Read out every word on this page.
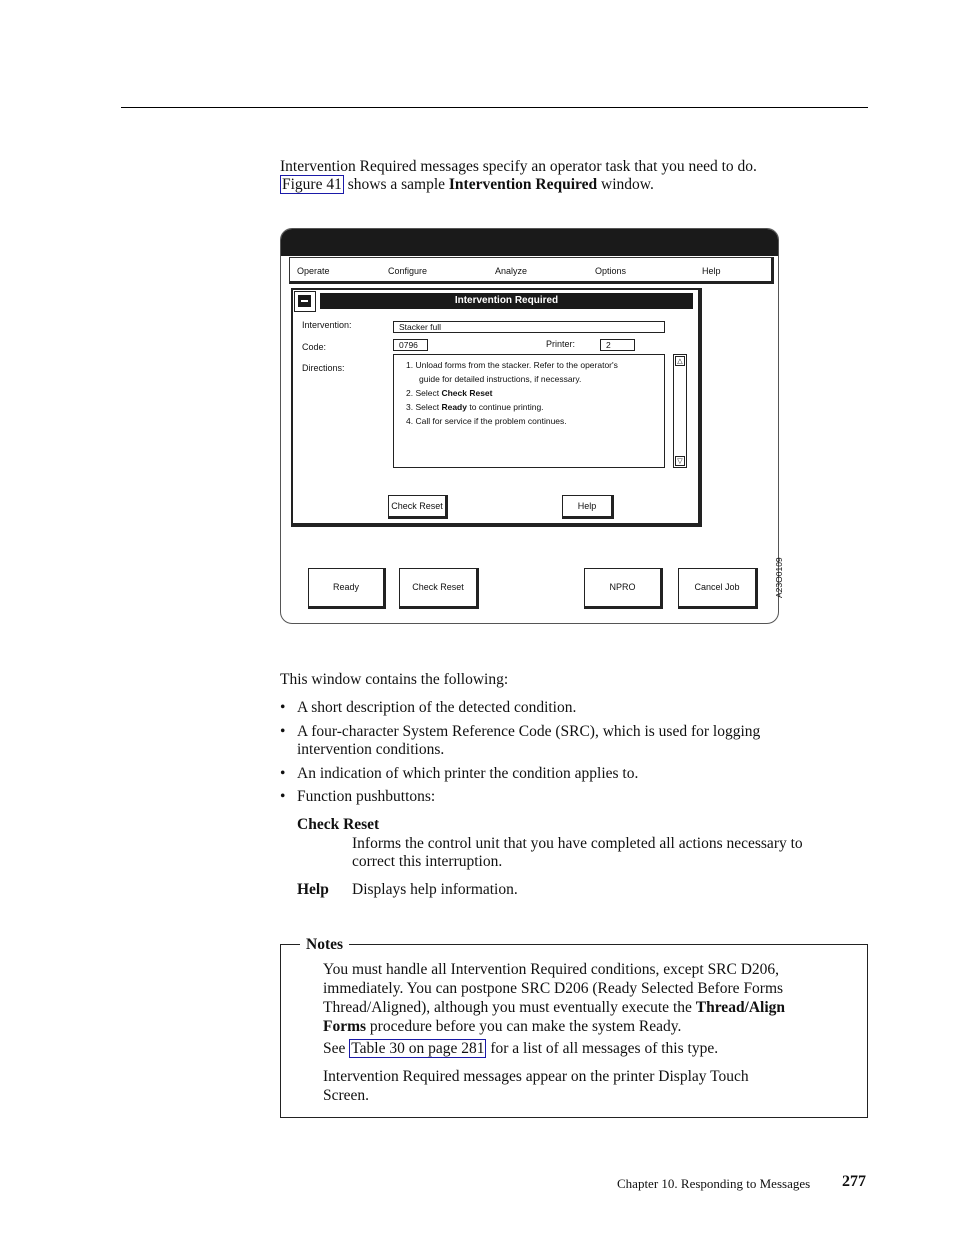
Intervention Required messages specify an operator task that you need to do.
Figure 41 shows a sample Intervention Required window.
Operate	Configure	Analyze	Options	Help
Intervention Required
Intervention:	Stacker full
Code:	0796	Printer:	2
Directions:	1. Unload forms from the stacker. Refer to the operator's
guide for detailed instructions, if necessary.
2. Select Check Reset
3. Select Ready to continue printing.
4. Call for service if the problem continues.
△
▽
Check Reset	Help
Ready	Check Reset	NPRO	Cancel Job	A23O0109
This window contains the following:
• A short description of the detected condition.
• A four-character System Reference Code (SRC), which is used for logging
intervention conditions.
• An indication of which printer the condition applies to.
• Function pushbuttons:
Check Reset
Informs the control unit that you have completed all actions necessary to
correct this interruption.
Help Displays help information.
Notes
You must handle all Intervention Required conditions, except SRC D206,
immediately. You can postpone SRC D206 (Ready Selected Before Forms
Thread/Aligned), although you must eventually execute the Thread/Align
Forms procedure before you can make the system Ready.
See Table 30 on page 281 for a list of all messages of this type.
Intervention Required messages appear on the printer Display Touch
Screen.
Chapter 10. Responding to Messages 277
